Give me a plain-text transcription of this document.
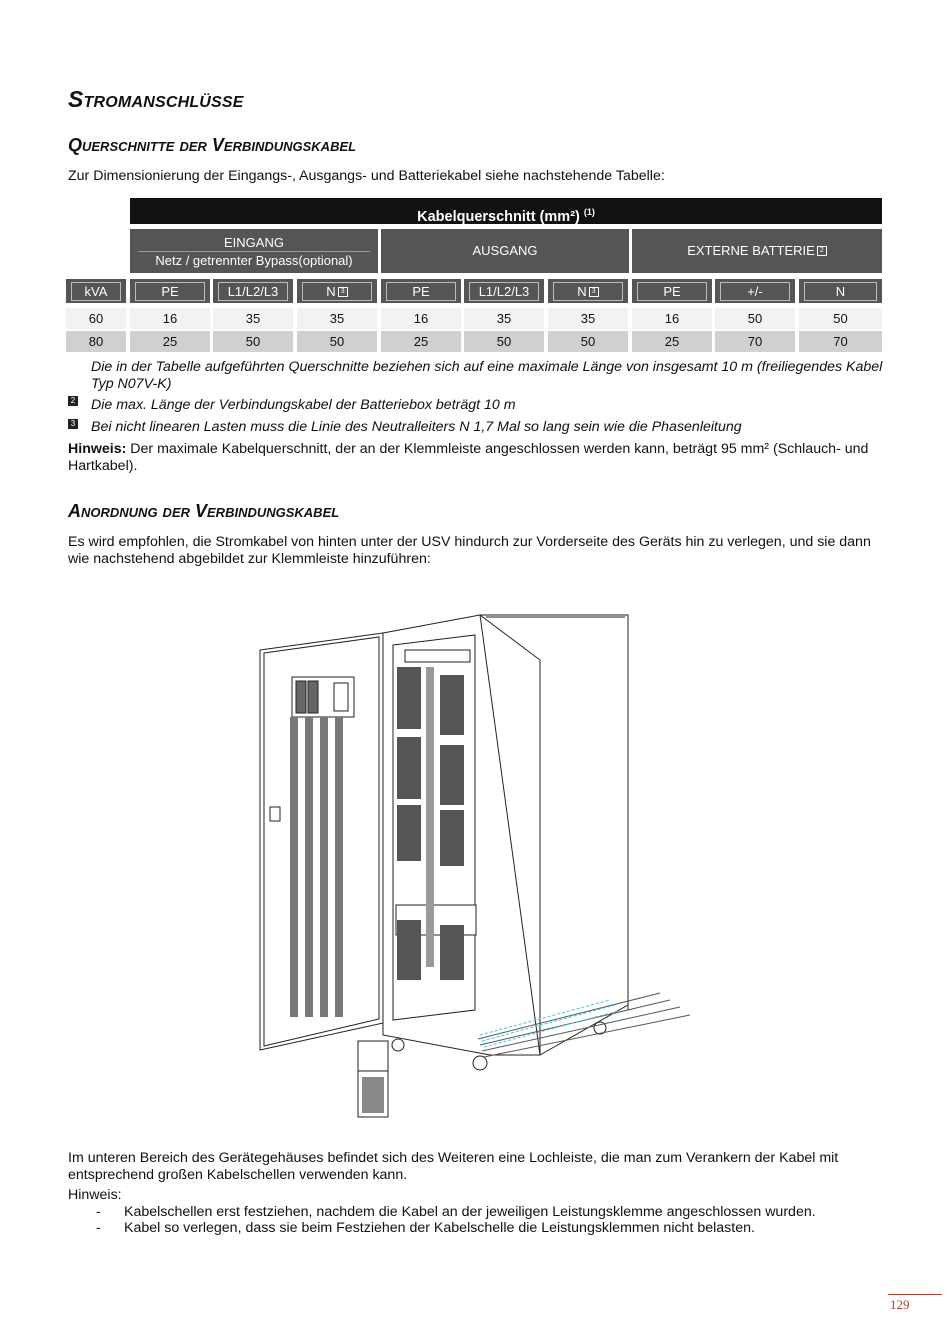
Stromanschlüsse
Querschnitte der Verbindungskabel

Zur Dimensionierung der Eingangs-, Ausgangs- und Batteriekabel siehe nachstehende Tabelle:

Kabelquerschnitt (mm²) $^{(1)}$
EINGANG
Netz / getrennter Bypass(optional)
AUSGANG	EXTERNE BATTERIE 2
kVA	PE	L1/L2/L3	N 3	PE	L1/L2/L3	N 3	PE	+/-	N
60	16	35	35	16	35	35	16	50	50
80	25	50	50	25	50	50	25	70	70

Die in der Tabelle aufgeführten Querschnitte beziehen sich auf eine maximale Länge von insgesamt 10 m (freiliegendes Kabel Typ N07V-K)

2 Die max. Länge der Verbindungskabel der Batteriebox beträgt 10 m

3 Bei nicht linearen Lasten muss die Linie des Neutralleiters N 1,7 Mal so lang sein wie die Phasenleitung

Hinweis: Der maximale Kabelquerschnitt, der an der Klemmleiste angeschlossen werden kann, beträgt 95 mm² (Schlauch- und Hartkabel).

Anordnung der Verbindungskabel

Es wird empfohlen, die Stromkabel von hinten unter der USV hindurch zur Vorderseite des Geräts hin zu verlegen, und sie dann wie nachstehend abgebildet zur Klemmleiste hinzuführen:

Im unteren Bereich des Gerätegehäuses befindet sich des Weiteren eine Lochleiste, die man zum Verankern der Kabel mit entsprechend großen Kabelschellen verwenden kann.

Hinweis:

- Kabelschellen erst festziehen, nachdem die Kabel an der jeweiligen Leistungsklemme angeschlossen wurden.

- Kabel so verlegen, dass sie beim Festziehen der Kabelschelle die Leistungsklemmen nicht belasten.

129
